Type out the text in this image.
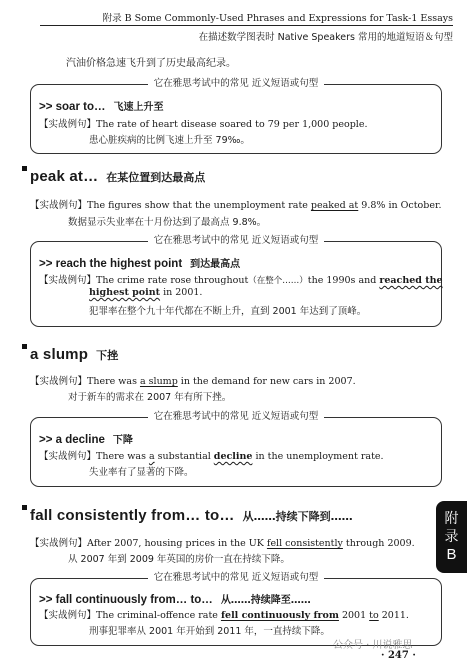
附录 B Some Commonly-Used Phrases and Expressions for Task-1 Essays
在描述数学图表时 Native Speakers 常用的地道短语＆句型
汽油价格急速飞升到了历史最高纪录。
它在雅思考试中的常见 近义短语或句型
>> soar to… 飞速上升至
【实战例句】The rate of heart disease soared to 79 per 1,000 people.
患心脏疾病的比例飞速上升至 79‰。
peak at… 在某位置到达最高点
【实战例句】The figures show that the unemployment rate peaked at 9.8% in October.
数据显示失业率在十月份达到了最高点 9.8%。
它在雅思考试中的常见 近义短语或句型
>> reach the highest point 到达最高点
【实战例句】The crime rate rose throughout（在整个……）the 1990s and reached the
highest point in 2001.
犯罪率在整个九十年代都在不断上升，直到 2001 年达到了顶峰。
a slump 下挫
【实战例句】There was a slump in the demand for new cars in 2007.
对于新车的需求在 2007 年有所下挫。
它在雅思考试中的常见 近义短语或句型
>> a decline 下降
【实战例句】There was a substantial decline in the unemployment rate.
失业率有了显著的下降。
fall consistently from… to… 从……持续下降到……
【实战例句】After 2007, housing prices in the UK fell consistently through 2009.
从 2007 年到 2009 年英国的房价一直在持续下降。
它在雅思考试中的常见 近义短语或句型
>> fall continuously from… to… 从……持续降至……
【实战例句】The criminal-offence rate fell continuously from 2001 to 2011.
刑事犯罪率从 2001 年开始到 2011 年，一直持续下降。
附
录
B
公众号 · 川说雅思
· 247 ·
